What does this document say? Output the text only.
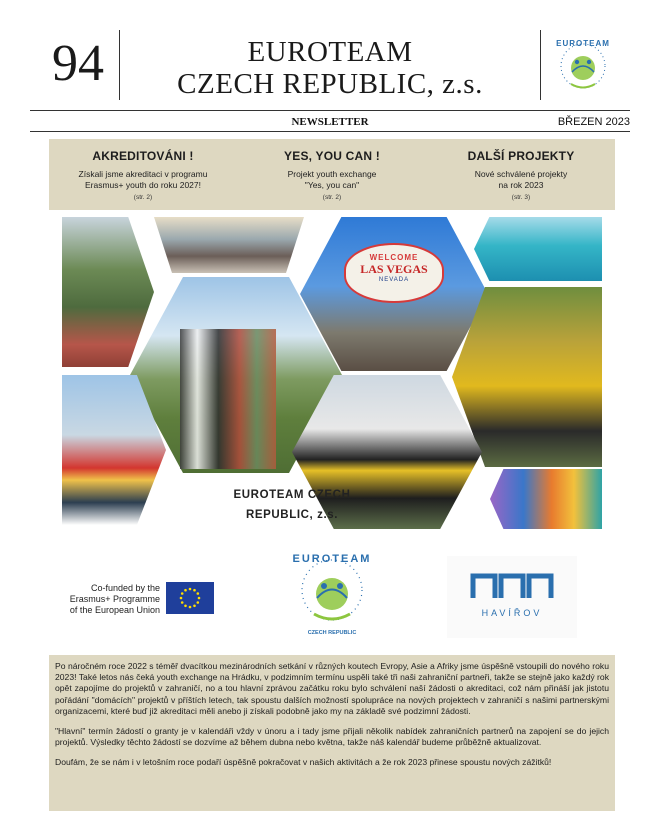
94	EUROTEAM
CZECH REPUBLIC, z.s.
EUROTEAM
NEWSLETTER	BŘEZEN 2023
AKREDITOVÁNI !

Získali jsme akreditaci v programu

Erasmus+ youth do roku 2027!

(str. 2)

YES, YOU CAN !

Projekt youth exchange

"Yes, you can"

(str. 2)

DALŠÍ PROJEKTY

Nové schválené projekty

na rok 2023

(str. 3)

WELCOME
LAS VEGAS
NEVADA
EUROTEAM CZECH
REPUBLIC, z.s.
Co-funded by the
Erasmus+ Programme
of the European Union
EUROTEAM
CZECH REPUBLIC
HAVÍŘOV

Po náročném roce 2022 s téměř dvacítkou mezinárodních setkání v různých koutech Evropy, Asie a Afriky jsme úspěšně vstoupili do nového roku 2023! Také letos nás čeká youth exchange na Hrádku, v podzimním termínu uspěli také tři naši zahraniční partneři, takže se stejně jako každý rok opět zapojíme do projektů v zahraničí, no a tou hlavní zprávou začátku roku bylo schválení naší žádosti o akreditaci, což nám přináší jak jistotu pořádání "domácích" projektů v příštích letech, tak spoustu dalších možností spolupráce na nových projektech v zahraničí s našimi partnerskými organizacemi, které buď již akreditaci měli anebo ji získali podobně jako my na základě své podzimní žádosti.

"Hlavní" termín žádostí o granty je v kalendáři vždy v únoru a i tady jsme přijali několik nabídek zahraničních partnerů na zapojení se do jejich projektů. Výsledky těchto žádostí se dozvíme až během dubna nebo května, takže náš kalendář budeme průběžně aktualizovat.

Doufám, že se nám i v letošním roce podaří úspěšně pokračovat v našich aktivitách a že rok 2023 přinese spoustu nových zážitků!
